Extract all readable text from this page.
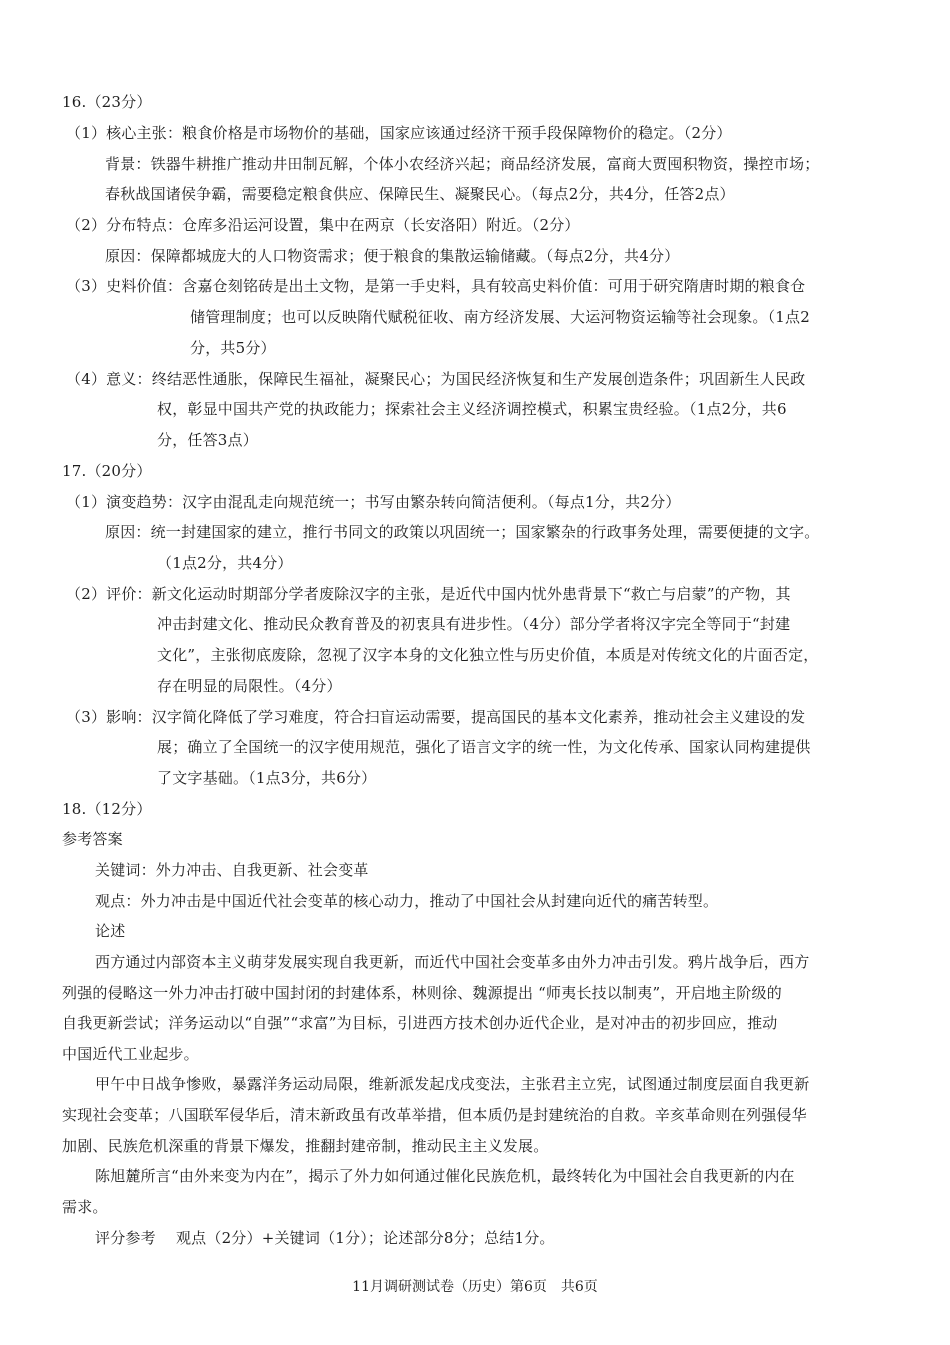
16.（23分）
（1）核心主张：粮食价格是市场物价的基础，国家应该通过经济干预手段保障物价的稳定。（2分）
背景：铁器牛耕推广推动井田制瓦解，个体小农经济兴起；商品经济发展，富商大贾囤积物资，操控市场；
春秋战国诸侯争霸，需要稳定粮食供应、保障民生、凝聚民心。（每点2分，共4分，任答2点）
（2）分布特点：仓库多沿运河设置，集中在两京（长安洛阳）附近。（2分）
原因：保障都城庞大的人口物资需求；便于粮食的集散运输储藏。（每点2分，共4分）
（3）史料价值：含嘉仓刻铭砖是出土文物，是第一手史料，具有较高史料价值：可用于研究隋唐时期的粮食仓
储管理制度；也可以反映隋代赋税征收、南方经济发展、大运河物资运输等社会现象。（1点2
分，共5分）
（4）意义：终结恶性通胀，保障民生福祉，凝聚民心；为国民经济恢复和生产发展创造条件；巩固新生人民政
权，彰显中国共产党的执政能力；探索社会主义经济调控模式，积累宝贵经验。（1点2分，共6
分，任答3点）
17.（20分）
（1）演变趋势：汉字由混乱走向规范统一；书写由繁杂转向简洁便利。（每点1分，共2分）
原因：统一封建国家的建立，推行书同文的政策以巩固统一；国家繁杂的行政事务处理，需要便捷的文字。
（1点2分，共4分）
（2）评价：新文化运动时期部分学者废除汉字的主张，是近代中国内忧外患背景下“救亡与启蒙”的产物，其
冲击封建文化、推动民众教育普及的初衷具有进步性。（4分）部分学者将汉字完全等同于“封建
文化”，主张彻底废除，忽视了汉字本身的文化独立性与历史价值，本质是对传统文化的片面否定，
存在明显的局限性。（4分）
（3）影响：汉字简化降低了学习难度，符合扫盲运动需要，提高国民的基本文化素养，推动社会主义建设的发
展；确立了全国统一的汉字使用规范，强化了语言文字的统一性，为文化传承、国家认同构建提供
了文字基础。（1点3分，共6分）
18.（12分）
参考答案
关键词：外力冲击、自我更新、社会变革
观点：外力冲击是中国近代社会变革的核心动力，推动了中国社会从封建向近代的痛苦转型。
论述
西方通过内部资本主义萌芽发展实现自我更新，而近代中国社会变革多由外力冲击引发。鸦片战争后，西方
列强的侵略这一外力冲击打破中国封闭的封建体系，林则徐、魏源提出 “师夷长技以制夷”，开启地主阶级的
自我更新尝试；洋务运动以“自强”“求富”为目标，引进西方技术创办近代企业，是对冲击的初步回应，推动
中国近代工业起步。
甲午中日战争惨败，暴露洋务运动局限，维新派发起戊戌变法，主张君主立宪，试图通过制度层面自我更新
实现社会变革；八国联军侵华后，清末新政虽有改革举措，但本质仍是封建统治的自救。辛亥革命则在列强侵华
加剧、民族危机深重的背景下爆发，推翻封建帝制，推动民主主义发展。
陈旭麓所言“由外来变为内在”，揭示了外力如何通过催化民族危机，最终转化为中国社会自我更新的内在
需求。
评分参考　 观点（2分）+关键词（1分）；论述部分8分；总结1分。
11月调研测试卷（历史）第6页　共6页
